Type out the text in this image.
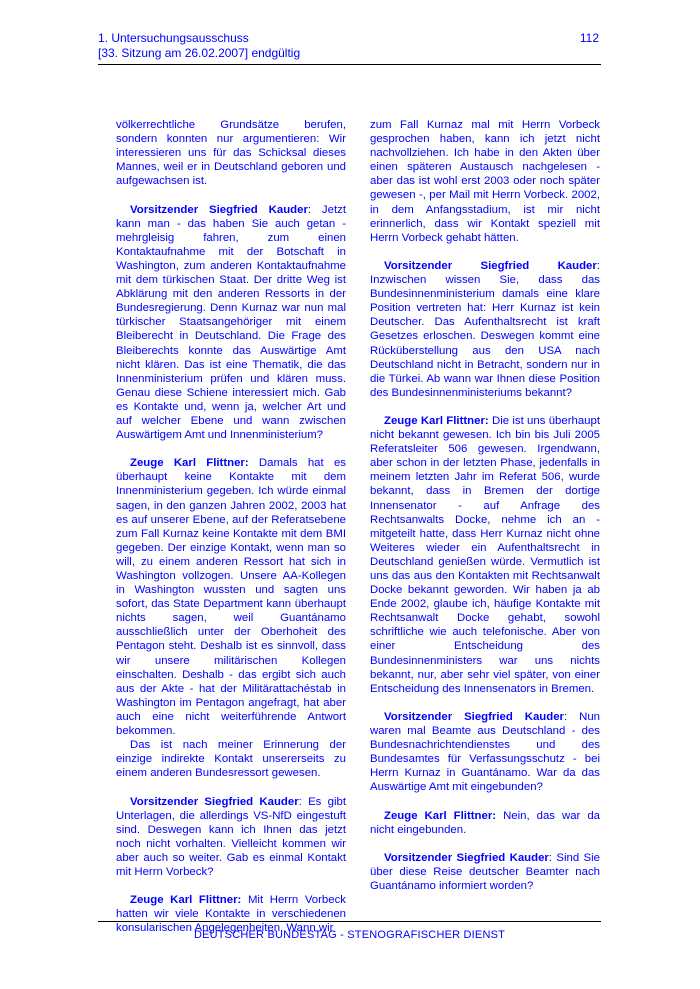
1. Untersuchungsausschuss
[33. Sitzung am 26.02.2007] endgültig
112

völkerrechtliche Grundsätze berufen, sondern konnten nur argumentieren: Wir interessieren uns für das Schicksal dieses Mannes, weil er in Deutschland geboren und aufgewachsen ist.

Vorsitzender Siegfried Kauder: Jetzt kann man - das haben Sie auch getan - mehrgleisig fahren, zum einen Kontaktaufnahme mit der Botschaft in Washington, zum anderen Kontaktaufnahme mit dem türkischen Staat. Der dritte Weg ist Abklärung mit den anderen Ressorts in der Bundesregierung. Denn Kurnaz war nun mal türkischer Staatsangehöriger mit einem Bleiberecht in Deutschland. Die Frage des Bleiberechts konnte das Auswärtige Amt nicht klären. Das ist eine Thematik, die das Innenministerium prüfen und klären muss. Genau diese Schiene interessiert mich. Gab es Kontakte und, wenn ja, welcher Art und auf welcher Ebene und wann zwischen Auswärtigem Amt und Innenministerium?

Zeuge Karl Flittner: Damals hat es überhaupt keine Kontakte mit dem Innenministerium gegeben. Ich würde einmal sagen, in den ganzen Jahren 2002, 2003 hat es auf unserer Ebene, auf der Referatsebene zum Fall Kurnaz keine Kontakte mit dem BMI gegeben. Der einzige Kontakt, wenn man so will, zu einem anderen Ressort hat sich in Washington vollzogen. Unsere AA-Kollegen in Washington wussten und sagten uns sofort, das State Department kann überhaupt nichts sagen, weil Guantánamo ausschließlich unter der Oberhoheit des Pentagon steht. Deshalb ist es sinnvoll, dass wir unsere militärischen Kollegen einschalten. Deshalb - das ergibt sich auch aus der Akte - hat der Militärattachéstab in Washington im Pentagon angefragt, hat aber auch eine nicht weiterführende Antwort bekommen.

Das ist nach meiner Erinnerung der einzige indirekte Kontakt unsererseits zu einem anderen Bundesressort gewesen.

Vorsitzender Siegfried Kauder: Es gibt Unterlagen, die allerdings VS-NfD eingestuft sind. Deswegen kann ich Ihnen das jetzt noch nicht vorhalten. Vielleicht kommen wir aber auch so weiter. Gab es einmal Kontakt mit Herrn Vorbeck?

Zeuge Karl Flittner: Mit Herrn Vorbeck hatten wir viele Kontakte in verschiedenen konsularischen Angelegenheiten. Wann wir

zum Fall Kurnaz mal mit Herrn Vorbeck gesprochen haben, kann ich jetzt nicht nachvollziehen. Ich habe in den Akten über einen späteren Austausch nachgelesen - aber das ist wohl erst 2003 oder noch später gewesen -, per Mail mit Herrn Vorbeck. 2002, in dem Anfangsstadium, ist mir nicht erinnerlich, dass wir Kontakt speziell mit Herrn Vorbeck gehabt hätten.

Vorsitzender Siegfried Kauder: Inzwischen wissen Sie, dass das Bundesinnenministerium damals eine klare Position vertreten hat: Herr Kurnaz ist kein Deutscher. Das Aufenthaltsrecht ist kraft Gesetzes erloschen. Deswegen kommt eine Rücküberstellung aus den USA nach Deutschland nicht in Betracht, sondern nur in die Türkei. Ab wann war Ihnen diese Position des Bundesinnenministeriums bekannt?

Zeuge Karl Flittner: Die ist uns überhaupt nicht bekannt gewesen. Ich bin bis Juli 2005 Referatsleiter 506 gewesen. Irgendwann, aber schon in der letzten Phase, jedenfalls in meinem letzten Jahr im Referat 506, wurde bekannt, dass in Bremen der dortige Innensenator - auf Anfrage des Rechtsanwalts Docke, nehme ich an - mitgeteilt hatte, dass Herr Kurnaz nicht ohne Weiteres wieder ein Aufenthaltsrecht in Deutschland genießen würde. Vermutlich ist uns das aus den Kontakten mit Rechtsanwalt Docke bekannt geworden. Wir haben ja ab Ende 2002, glaube ich, häufige Kontakte mit Rechtsanwalt Docke gehabt, sowohl schriftliche wie auch telefonische. Aber von einer Entscheidung des Bundesinnenministers war uns nichts bekannt, nur, aber sehr viel später, von einer Entscheidung des Innensenators in Bremen.

Vorsitzender Siegfried Kauder: Nun waren mal Beamte aus Deutschland - des Bundesnachrichtendienstes und des Bundesamtes für Verfassungsschutz - bei Herrn Kurnaz in Guantánamo. War da das Auswärtige Amt mit eingebunden?

Zeuge Karl Flittner: Nein, das war da nicht eingebunden.

Vorsitzender Siegfried Kauder: Sind Sie über diese Reise deutscher Beamter nach Guantánamo informiert worden?

DEUTSCHER BUNDESTAG - STENOGRAFISCHER DIENST
